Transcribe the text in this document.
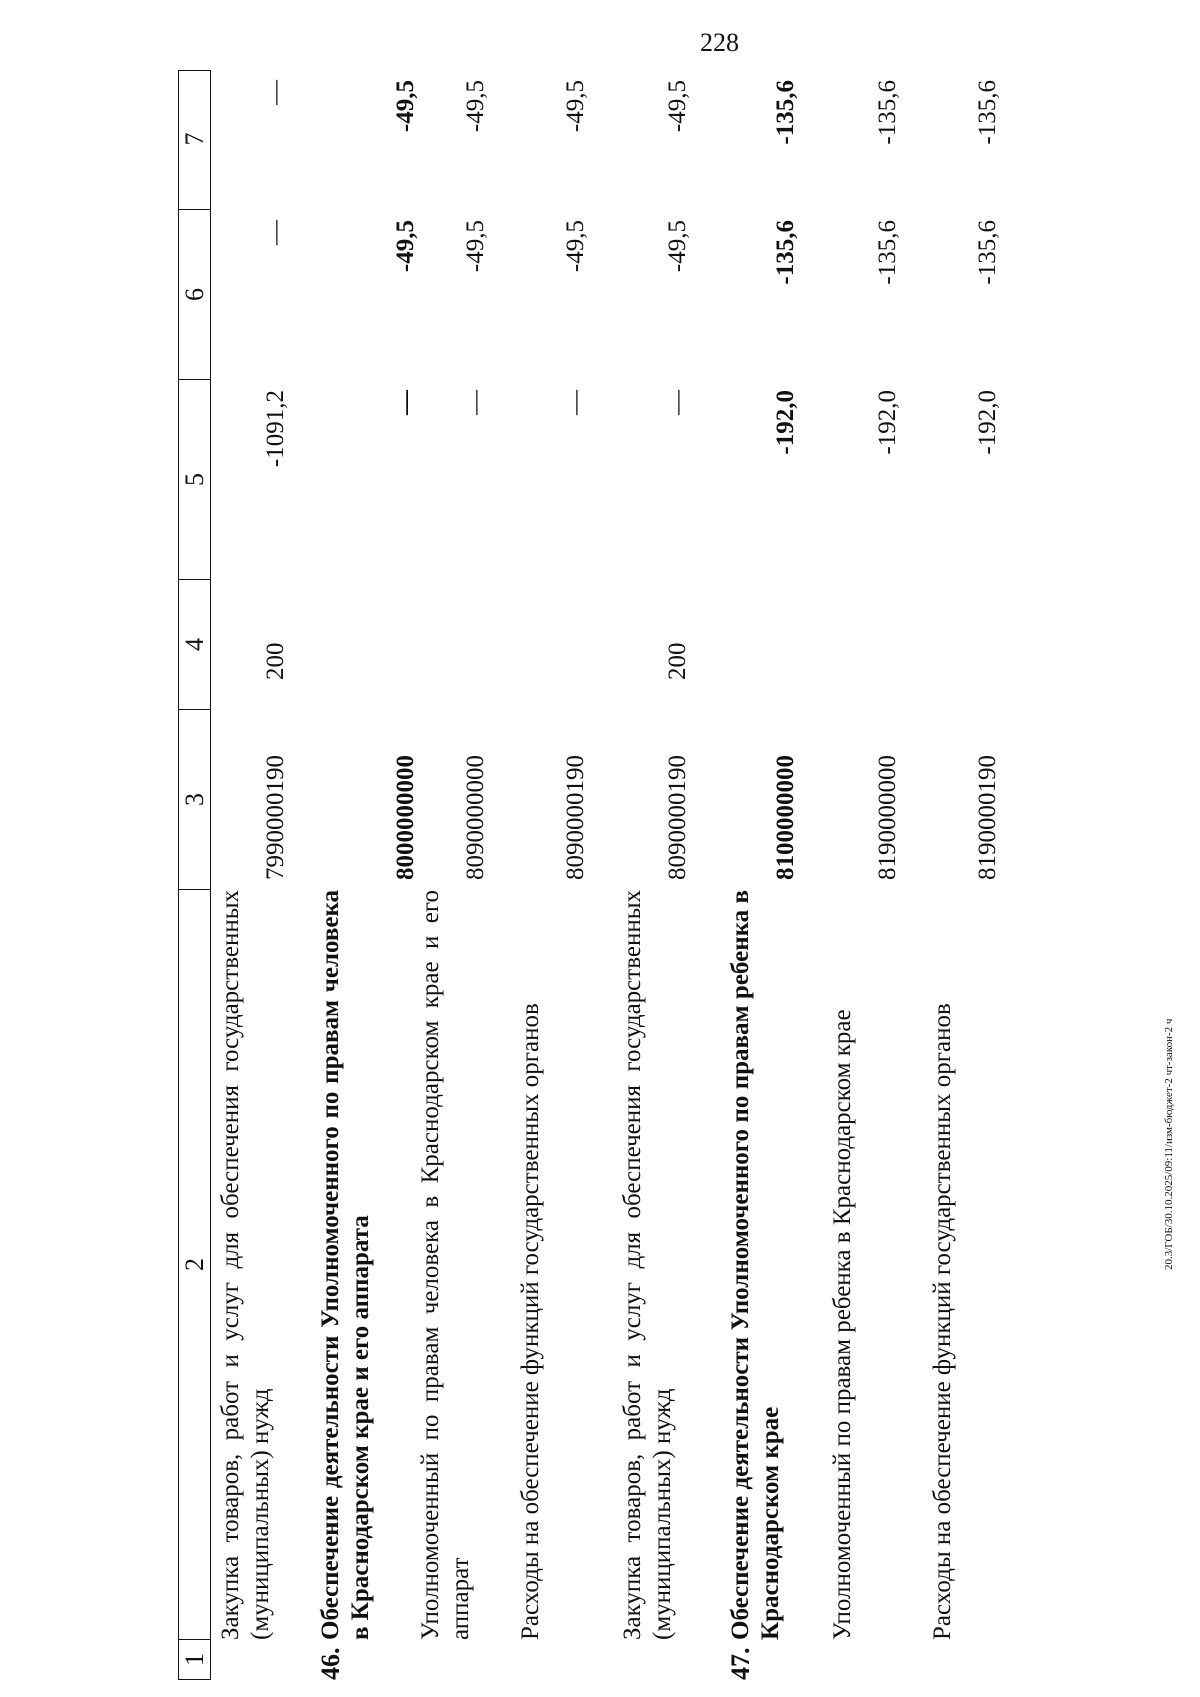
228
20.3/ГОБ/30.10.2025/09:11/изм-бюджет-2 чт-закон-2 ч
1
2
3
4
5
6
7
Закупка товаров, работ и услуг для обеспечения государственных (муниципальных) нужд
7990000190
200
-1091,2
—
—
46.
Обеспечение деятельности Уполномоченного по правам человека в Краснодарском крае и его аппарата
8000000000
—
-49,5
-49,5
Уполномоченный по правам человека в Краснодарском крае и его аппарат
8090000000
—
-49,5
-49,5
Расходы на обеспечение функций государственных органов
8090000190
—
-49,5
-49,5
Закупка товаров, работ и услуг для обеспечения государственных (муниципальных) нужд
8090000190
200
—
-49,5
-49,5
47.
Обеспечение деятельности Уполномоченного по правам ребенка в Краснодарском крае
8100000000
-192,0
-135,6
-135,6
Уполномоченный по правам ребенка в Краснодарском крае
8190000000
-192,0
-135,6
-135,6
Расходы на обеспечение функций государственных органов
8190000190
-192,0
-135,6
-135,6
